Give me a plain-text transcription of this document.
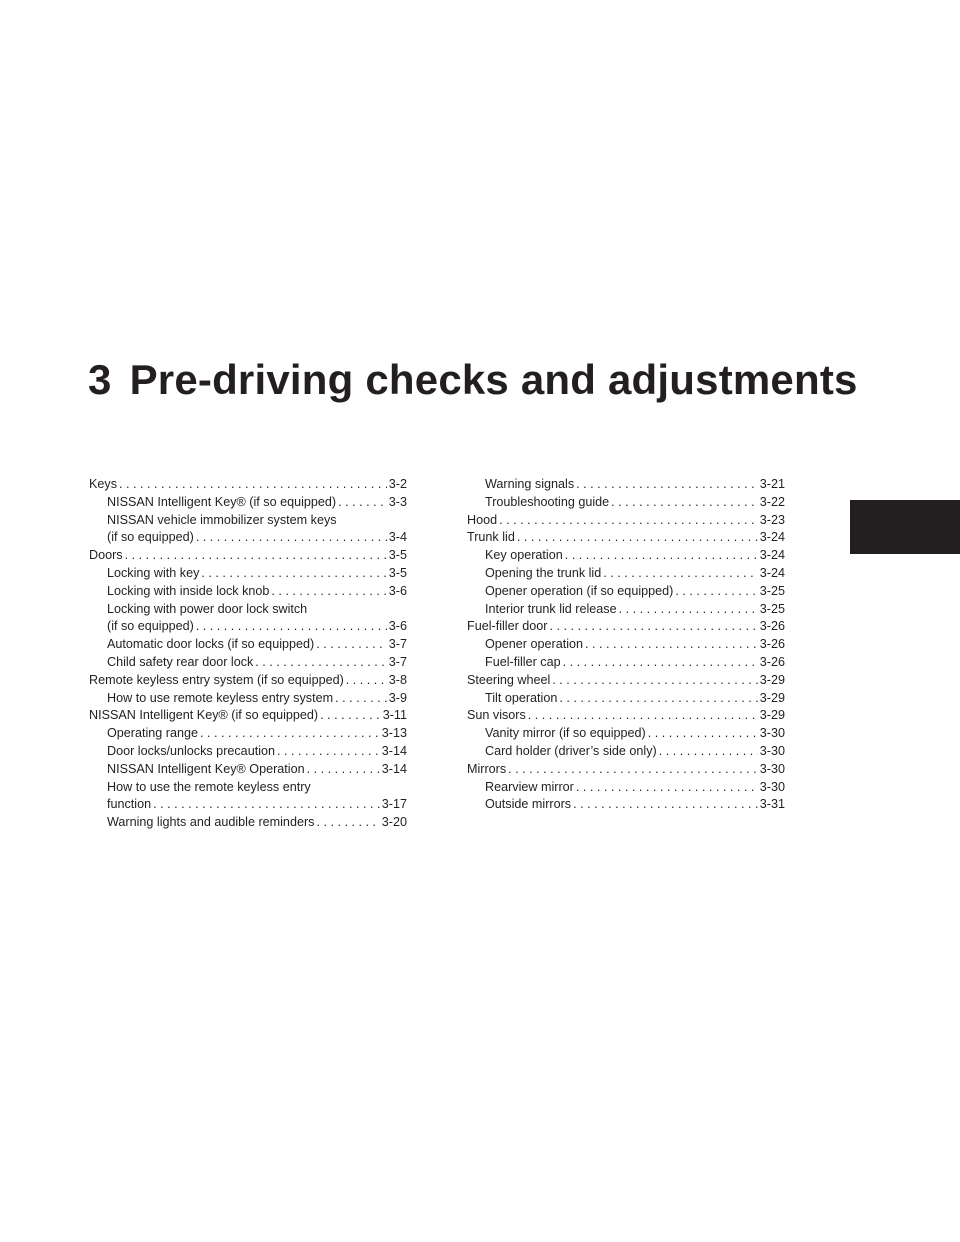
3 Pre-driving checks and adjustments
Keys . . .	3-2
NISSAN Intelligent Key® (if so equipped) . . .	3-3
NISSAN vehicle immobilizer system keys
(if so equipped) . . .	3-4
Doors . . .	3-5
Locking with key . . .	3-5
Locking with inside lock knob . . .	3-6
Locking with power door lock switch
(if so equipped) . . .	3-6
Automatic door locks (if so equipped) . . .	3-7
Child safety rear door lock . . .	3-7
Remote keyless entry system (if so equipped) . . .	3-8
How to use remote keyless entry system . . .	3-9
NISSAN Intelligent Key® (if so equipped) . . .	3-11
Operating range . . .	3-13
Door locks/unlocks precaution . . .	3-14
NISSAN Intelligent Key® Operation . . .	3-14
How to use the remote keyless entry
function . . .	3-17
Warning lights and audible reminders . . .	3-20
Warning signals . . .	3-21
Troubleshooting guide . . .	3-22
Hood . . .	3-23
Trunk lid . . .	3-24
Key operation . . .	3-24
Opening the trunk lid . . .	3-24
Opener operation (if so equipped) . . .	3-25
Interior trunk lid release . . .	3-25
Fuel-filler door . . .	3-26
Opener operation . . .	3-26
Fuel-filler cap . . .	3-26
Steering wheel . . .	3-29
Tilt operation . . .	3-29
Sun visors . . .	3-29
Vanity mirror (if so equipped) . . .	3-30
Card holder (driver’s side only) . . .	3-30
Mirrors . . .	3-30
Rearview mirror . . .	3-30
Outside mirrors . . .	3-31
